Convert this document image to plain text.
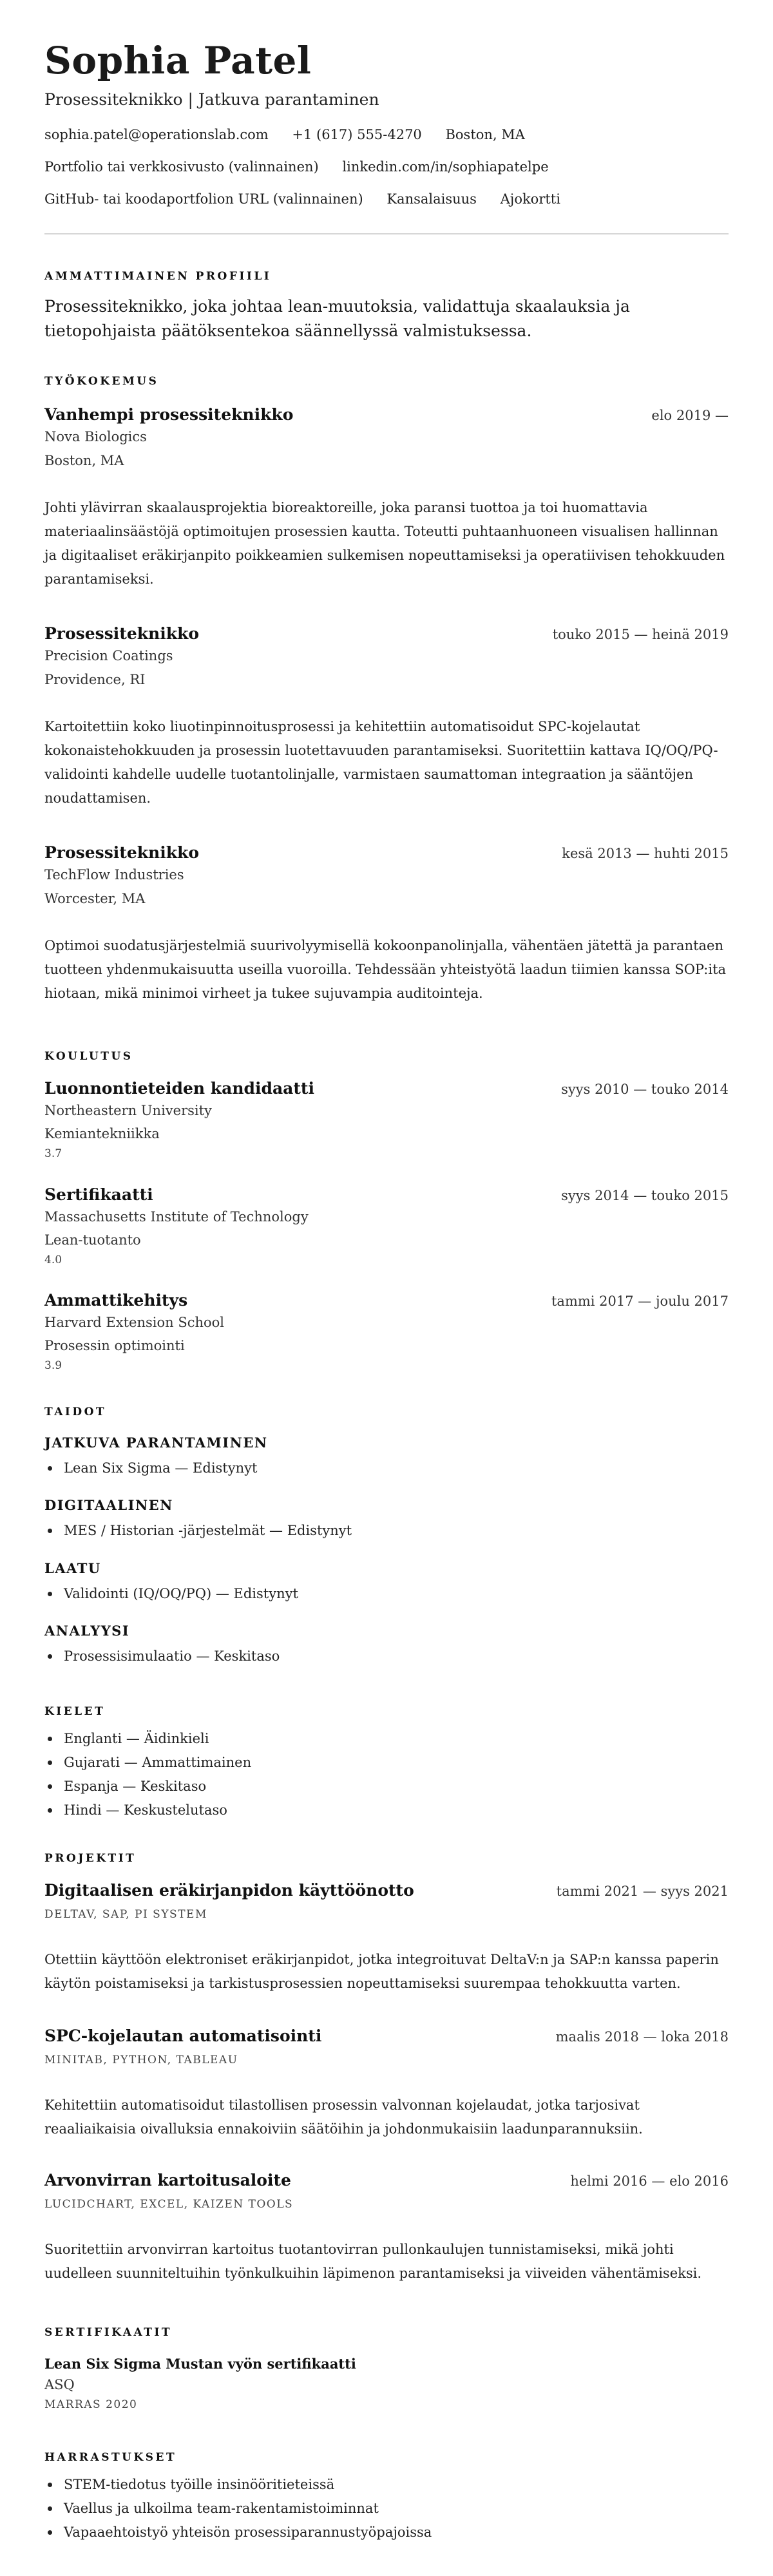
Sophia Patel
Prosessiteknikko | Jatkuva parantaminen
sophia.patel@operationslab.com +1 (617) 555-4270 Boston, MA
Portfolio tai verkkosivusto (valinnainen) linkedin.com/in/sophiapatelpe
GitHub- tai koodaportfolion URL (valinnainen) Kansalaisuus Ajokortti
AMMATTIMAINEN PROFIILI
Prosessiteknikko, joka johtaa lean-muutoksia, validattuja skaalauksia ja tietopohjaista päätöksentekoa säännellyssä valmistuksessa.
TYÖKOKEMUS
Vanhempi prosessiteknikko	elo 2019 —
Nova Biologics
Boston, MA
Johti ylävirran skaalausprojektia bioreaktoreille, joka paransi tuottoa ja toi huomattavia materiaalinsäästöjä optimoitujen prosessien kautta. Toteutti puhtaanhuoneen visualisen hallinnan ja digitaaliset eräkirjanpito poikkeamien sulkemisen nopeuttamiseksi ja operatiivisen tehokkuuden parantamiseksi.
Prosessiteknikko	touko 2015 — heinä 2019
Precision Coatings
Providence, RI
Kartoitettiin koko liuotinpinnoitusprosessi ja kehitettiin automatisoidut SPC-kojelautat kokonaistehokkuuden ja prosessin luotettavuuden parantamiseksi. Suoritettiin kattava IQ/OQ/PQ-validointi kahdelle uudelle tuotantolinjalle, varmistaen saumattoman integraation ja sääntöjen noudattamisen.
Prosessiteknikko	kesä 2013 — huhti 2015
TechFlow Industries
Worcester, MA
Optimoi suodatusjärjestelmiä suurivolyymisellä kokoonpanolinjalla, vähentäen jätettä ja parantaen tuotteen yhdenmukaisuutta useilla vuoroilla. Tehdessään yhteistyötä laadun tiimien kanssa SOP:ita hiotaan, mikä minimoi virheet ja tukee sujuvampia auditointeja.
KOULUTUS
Luonnontieteiden kandidaatti	syys 2010 — touko 2014
Northeastern University
Kemiantekniikka
3.7
Sertifikaatti	syys 2014 — touko 2015
Massachusetts Institute of Technology
Lean-tuotanto
4.0
Ammattikehitys	tammi 2017 — joulu 2017
Harvard Extension School
Prosessin optimointi
3.9
TAIDOT
JATKUVA PARANTAMINEN
Lean Six Sigma — Edistynyt
DIGITAALINEN
MES / Historian -järjestelmät — Edistynyt
LAATU
Validointi (IQ/OQ/PQ) — Edistynyt
ANALYYSI
Prosessisimulaatio — Keskitaso
KIELET
Englanti — Äidinkieli
Gujarati — Ammattimainen
Espanja — Keskitaso
Hindi — Keskustelutaso
PROJEKTIT
Digitaalisen eräkirjanpidon käyttöönotto	tammi 2021 — syys 2021
DELTAV, SAP, PI SYSTEM
Otettiin käyttöön elektroniset eräkirjanpidot, jotka integroituvat DeltaV:n ja SAP:n kanssa paperin käytön poistamiseksi ja tarkistusprosessien nopeuttamiseksi suurempaa tehokkuutta varten.
SPC-kojelautan automatisointi	maalis 2018 — loka 2018
MINITAB, PYTHON, TABLEAU
Kehitettiin automatisoidut tilastollisen prosessin valvonnan kojelaudat, jotka tarjosivat reaaliaikaisia oivalluksia ennakoiviin säätöihin ja johdonmukaisiin laadunparannuksiin.
Arvonvirran kartoitusaloite	helmi 2016 — elo 2016
LUCIDCHART, EXCEL, KAIZEN TOOLS
Suoritettiin arvonvirran kartoitus tuotantovirran pullonkaulujen tunnistamiseksi, mikä johti uudelleen suunniteltuihin työnkulkuihin läpimenon parantamiseksi ja viiveiden vähentämiseksi.
SERTIFIKAATIT
Lean Six Sigma Mustan vyön sertifikaatti
ASQ
MARRAS 2020
HARRASTUKSET
STEM-tiedotus työille insinööritieteissä
Vaellus ja ulkoilma team-rakentamistoiminnat
Vapaaehtoistyö yhteisön prosessiparannustyöpajoissa
